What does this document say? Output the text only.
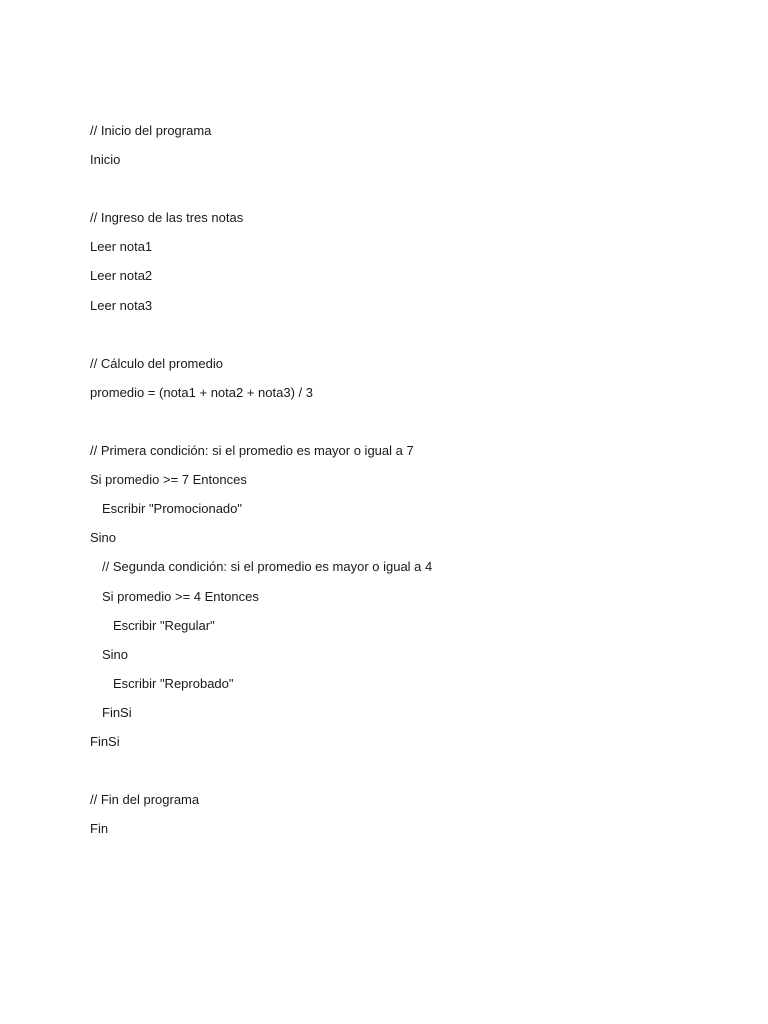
// Inicio del programa

Inicio

// Ingreso de las tres notas

Leer nota1

Leer nota2

Leer nota3

// Cálculo del promedio

promedio = (nota1 + nota2 + nota3) / 3

// Primera condición: si el promedio es mayor o igual a 7

Si promedio >= 7 Entonces

Escribir "Promocionado"

Sino

// Segunda condición: si el promedio es mayor o igual a 4

Si promedio >= 4 Entonces

Escribir "Regular"

Sino

Escribir "Reprobado"

FinSi

FinSi

// Fin del programa

Fin
